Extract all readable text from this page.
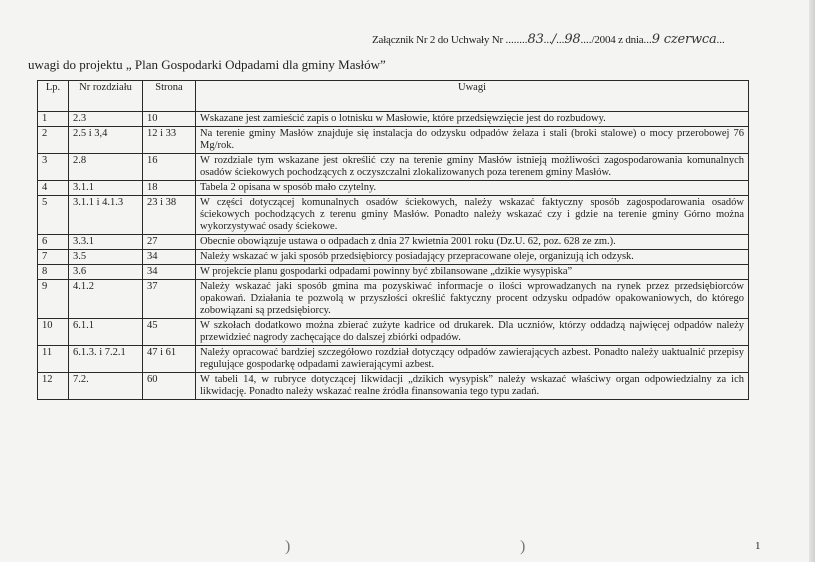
Załącznik Nr 2 do Uchwały Nr ........83.../...98..../2004 z dnia...9 czerwca...
uwagi do projektu „ Plan Gospodarki Odpadami dla gminy Masłów”
Lp.	Nr rozdziału	Strona	Uwagi
1	2.3	10	Wskazane jest zamieścić zapis o lotnisku w Masłowie, które przedsięwzięcie jest do rozbudowy.
2	2.5 i 3,4	12 i 33	Na terenie gminy Masłów znajduje się instalacja do odzysku odpadów żelaza i stali (broki stalowe) o mocy przerobowej 76 Mg/rok.
3	2.8	16	W rozdziale tym wskazane jest określić czy na terenie gminy Masłów istnieją możliwości zagospodarowania komunalnych osadów ściekowych pochodzących z oczyszczalni zlokalizowanych poza terenem gminy Masłów.
4	3.1.1	18	Tabela 2 opisana w sposób mało czytelny.
5	3.1.1 i 4.1.3	23 i 38	W części dotyczącej komunalnych osadów ściekowych, należy wskazać faktyczny sposób zagospodarowania osadów ściekowych pochodzących z terenu gminy Masłów. Ponadto należy wskazać czy i gdzie na terenie gminy Górno można wykorzystywać osady ściekowe.
6	3.3.1	27	Obecnie obowiązuje ustawa o odpadach z dnia 27 kwietnia 2001 roku (Dz.U. 62, poz. 628 ze zm.).
7	3.5	34	Należy wskazać w jaki sposób przedsiębiorcy posiadający przepracowane oleje, organizują ich odzysk.
8	3.6	34	W projekcie planu gospodarki odpadami powinny być zbilansowane „dzikie wysypiska”
9	4.1.2	37	Należy wskazać jaki sposób gmina ma pozyskiwać informacje o ilości wprowadzanych na rynek przez przedsiębiorców opakowań. Działania te pozwolą w przyszłości określić faktyczny procent odzysku odpadów opakowaniowych, do którego zobowiązani są przedsiębiorcy.
10	6.1.1	45	W szkołach dodatkowo można zbierać zużyte kadrice od drukarek. Dla uczniów, którzy oddadzą najwięcej odpadów należy przewidzieć nagrody zachęcające do dalszej zbiórki odpadów.
11	6.1.3. i 7.2.1	47 i 61	Należy opracować bardziej szczegółowo rozdział dotyczący odpadów zawierających azbest. Ponadto należy uaktualnić przepisy regulujące gospodarkę odpadami zawierającymi azbest.
12	7.2.	60	W tabeli 14, w rubryce dotyczącej likwidacji „dzikich wysypisk” należy wskazać właściwy organ odpowiedzialny za ich likwidację. Ponadto należy wskazać realne źródła finansowania tego typu zadań.
)	)	1
